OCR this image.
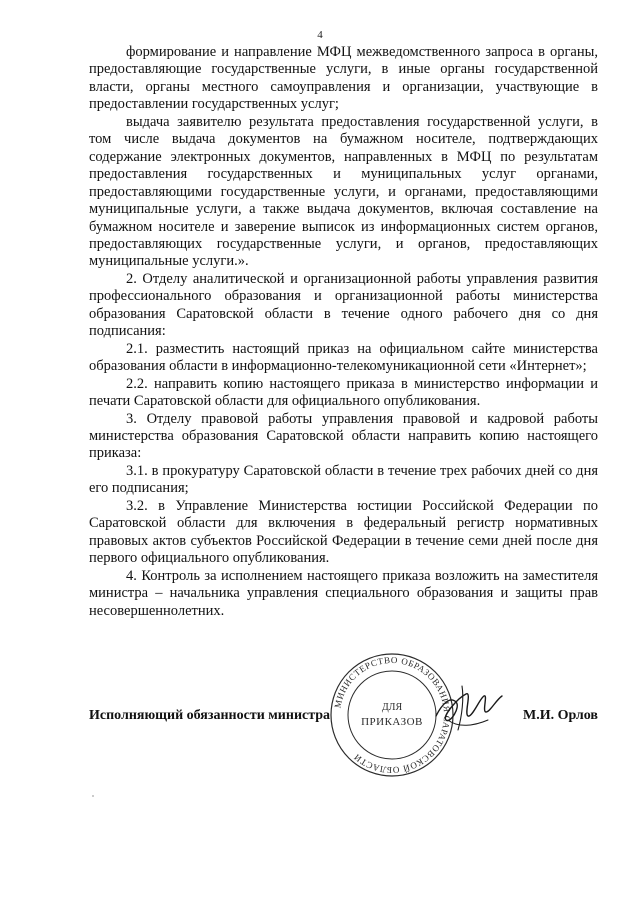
4

формирование и направление МФЦ межведомственного запроса в органы, предоставляющие государственные услуги, в иные органы государственной власти, органы местного самоуправления и организации, участвующие в предоставлении государственных услуг;

выдача заявителю результата предоставления государственной услуги, в том числе выдача документов на бумажном носителе, подтверждающих содержание электронных документов, направленных в МФЦ по результатам предоставления государственных и муниципальных услуг органами, предоставляющими государственные услуги, и органами, предоставляющими муниципальные услуги, а также выдача документов, включая составление на бумажном носителе и заверение выписок из информационных систем органов, предоставляющих государственные услуги, и органов, предоставляющих муниципальные услуги.».

2. Отделу аналитической и организационной работы управления развития профессионального образования и организационной работы министерства образования Саратовской области в течение одного рабочего дня со дня подписания:

2.1. разместить настоящий приказ на официальном сайте министерства образования области в информационно-телекомуникационной сети «Интернет»;

2.2. направить копию настоящего приказа в министерство информации и печати Саратовской области для официального опубликования.

3. Отделу правовой работы управления правовой и кадровой работы министерства образования Саратовской области направить копию настоящего приказа:

3.1. в прокуратуру Саратовской области в течение трех рабочих дней со дня его подписания;

3.2. в Управление Министерства юстиции Российской Федерации по Саратовской области для включения в федеральный регистр нормативных правовых актов субъектов Российской Федерации в течение семи дней после дня первого официального опубликования.

4. Контроль за исполнением настоящего приказа возложить на заместителя министра – начальника управления специального образования и защиты прав несовершеннолетних.

МИНИСТЕРСТВО ОБРАЗОВАНИЯ САРАТОВСКОЙ ОБЛАСТИ
ДЛЯ
ПРИКАЗОВ
Исполняющий обязанности министра	М.И. Орлов
